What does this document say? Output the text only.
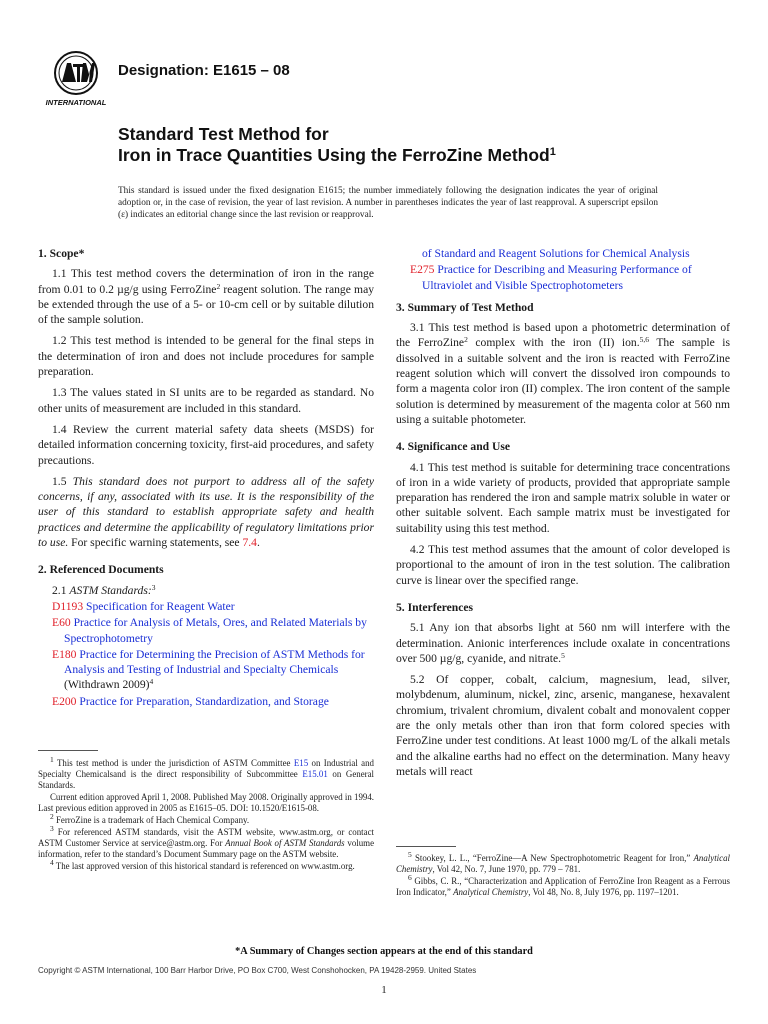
INTERNATIONAL
ASTM
Designation: E1615 – 08
Standard Test Method for
Iron in Trace Quantities Using the FerroZine Method$^1$
This standard is issued under the fixed designation E1615; the number immediately following the designation indicates the year of original adoption or, in the case of revision, the year of last revision. A number in parentheses indicates the year of last reapproval. A superscript epsilon (ε) indicates an editorial change since the last revision or reapproval.
1. Scope*
1.1 This test method covers the determination of iron in the range from 0.01 to 0.2 µg/g using FerroZine$^2$ reagent solution. The range may be extended through the use of a 5- or 10-cm cell or by suitable dilution of the sample solution.
1.2 This test method is intended to be general for the final steps in the determination of iron and does not include procedures for sample preparation.
1.3 The values stated in SI units are to be regarded as standard. No other units of measurement are included in this standard.
1.4 Review the current material safety data sheets (MSDS) for detailed information concerning toxicity, first-aid procedures, and safety precautions.
1.5 This standard does not purport to address all of the safety concerns, if any, associated with its use. It is the responsibility of the user of this standard to establish appropriate safety and health practices and determine the applicability of regulatory limitations prior to use. For specific warning statements, see 7.4.
2. Referenced Documents
2.1 ASTM Standards:$^3$
D1193 Specification for Reagent Water
E60 Practice for Analysis of Metals, Ores, and Related Materials by Spectrophotometry
E180 Practice for Determining the Precision of ASTM Methods for Analysis and Testing of Industrial and Specialty Chemicals (Withdrawn 2009)$^4$
E200 Practice for Preparation, Standardization, and Storage
of Standard and Reagent Solutions for Chemical Analysis
E275 Practice for Describing and Measuring Performance of Ultraviolet and Visible Spectrophotometers
3. Summary of Test Method
3.1 This test method is based upon a photometric determination of the FerroZine$^2$ complex with the iron (II) ion.$^{5,6}$ The sample is dissolved in a suitable solvent and the iron is reacted with FerroZine reagent solution which will convert the dissolved iron compounds to form a magenta color iron (II) complex. The iron content of the sample solution is determined by measurement of the magenta color at 560 nm using a suitable photometer.
4. Significance and Use
4.1 This test method is suitable for determining trace concentrations of iron in a wide variety of products, provided that appropriate sample preparation has rendered the iron and sample matrix soluble in water or other suitable solvent. Each sample matrix must be investigated for suitability using this test method.
4.2 This test method assumes that the amount of color developed is proportional to the amount of iron in the test solution. The calibration curve is linear over the specified range.
5. Interferences
5.1 Any ion that absorbs light at 560 nm will interfere with the determination. Anionic interferences include oxalate in concentrations over 500 µg/g, cyanide, and nitrate.$^5$
5.2 Of copper, cobalt, calcium, magnesium, lead, silver, molybdenum, aluminum, nickel, zinc, arsenic, manganese, hexavalent chromium, trivalent chromium, divalent cobalt and monovalent copper are the only metals other than iron that form colored species with FerroZine under test conditions. At least 1000 mg/L of the alkali metals and the alkaline earths had no effect on the determination. Many heavy metals will react
$^1$ This test method is under the jurisdiction of ASTM Committee E15 on Industrial and Specialty Chemicalsand is the direct responsibility of Subcommittee E15.01 on General Standards.
Current edition approved April 1, 2008. Published May 2008. Originally approved in 1994. Last previous edition approved in 2005 as E1615–05. DOI: 10.1520/E1615-08.
$^2$ FerroZine is a trademark of Hach Chemical Company.
$^3$ For referenced ASTM standards, visit the ASTM website, www.astm.org, or contact ASTM Customer Service at service@astm.org. For Annual Book of ASTM Standards volume information, refer to the standard’s Document Summary page on the ASTM website.
$^4$ The last approved version of this historical standard is referenced on www.astm.org.
$^5$ Stookey, L. L., “FerroZine—A New Spectrophotometric Reagent for Iron,” Analytical Chemistry, Vol 42, No. 7, June 1970, pp. 779 – 781.
$^6$ Gibbs, C. R., “Characterization and Application of FerroZine Iron Reagent as a Ferrous Iron Indicator,” Analytical Chemistry, Vol 48, No. 8, July 1976, pp. 1197–1201.
*A Summary of Changes section appears at the end of this standard
Copyright © ASTM International, 100 Barr Harbor Drive, PO Box C700, West Conshohocken, PA 19428-2959. United States
1
